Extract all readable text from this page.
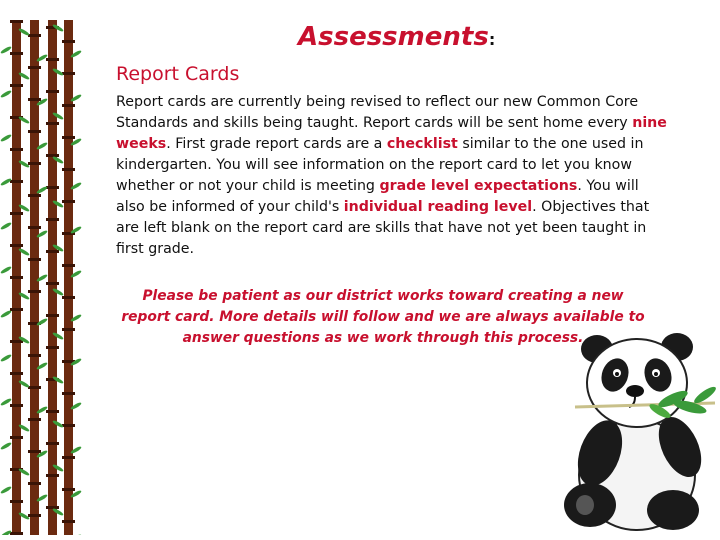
Assessments:
Report Cards

Report cards are currently being revised to reflect our new Common Core Standards and skills being taught. Report cards will be sent home every nine weeks. First grade report cards are a checklist similar to the one used in kindergarten. You will see information on the report card to let you know whether or not your child is meeting grade level expectations. You will also be informed of your child's individual reading level. Objectives that are left blank on the report card are skills that have not yet been taught in first grade.

Please be patient as our district works toward creating a new report card. More details will follow and we are always available to answer questions as we work through this process.
